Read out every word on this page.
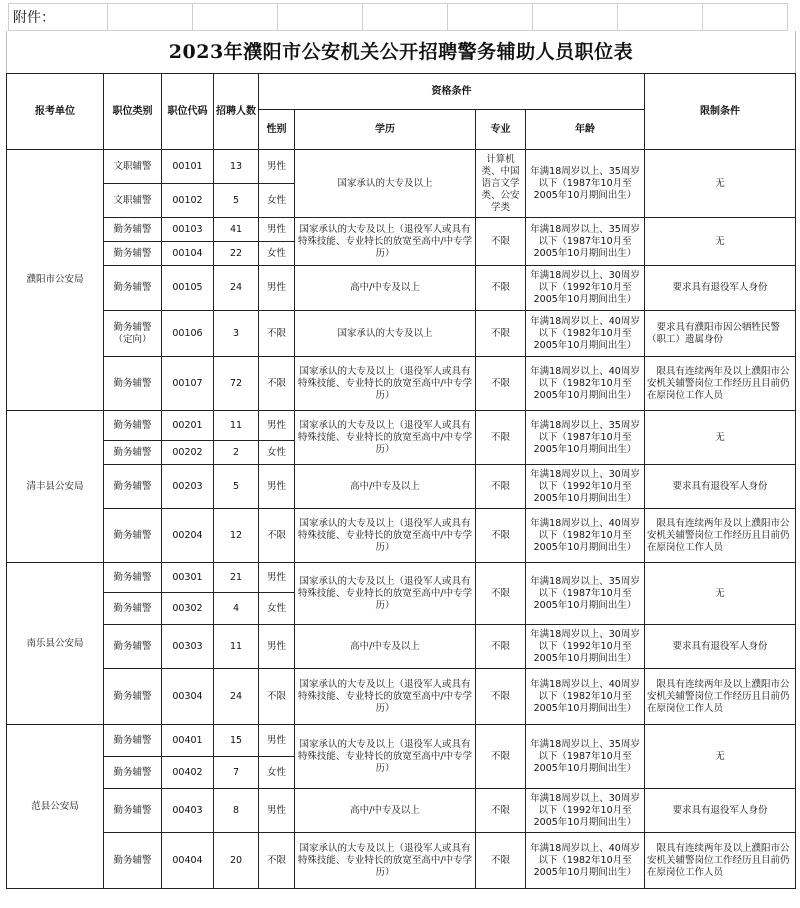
附件：								
2023年濮阳市公安机关公开招聘警务辅助人员职位表
报考单位	职位类别	职位代码	招聘人数	资格条件				限制条件
				性别	学历	专业	年龄	
濮阳市公安局	文职辅警	00101	13	男性	国家承认的大专及以上	计算机类、中国语言文学类、公安学类	年满18周岁以上、35周岁以下（1987年10月至2005年10月期间出生）	无
	文职辅警	00102	5	女性				
	勤务辅警	00103	41	男性	国家承认的大专及以上（退役军人或具有特殊技能、专业特长的放宽至高中/中专学历）	不限	年满18周岁以上、35周岁以下（1987年10月至2005年10月期间出生）	无
	勤务辅警	00104	22	女性				
	勤务辅警	00105	24	男性	高中/中专及以上	不限	年满18周岁以上、30周岁以下（1992年10月至2005年10月期间出生）	要求具有退役军人身份
	勤务辅警（定向）	00106	3	不限	国家承认的大专及以上	不限	年满18周岁以上、40周岁以下（1982年10月至2005年10月期间出生）	要求具有濮阳市因公牺牲民警（职工）遗属身份
	勤务辅警	00107	72	不限	国家承认的大专及以上（退役军人或具有特殊技能、专业特长的放宽至高中/中专学历）	不限	年满18周岁以上、40周岁以下（1982年10月至2005年10月期间出生）	限具有连续两年及以上濮阳市公安机关辅警岗位工作经历且目前仍在原岗位工作人员
清丰县公安局	勤务辅警	00201	11	男性	国家承认的大专及以上（退役军人或具有特殊技能、专业特长的放宽至高中/中专学历）	不限	年满18周岁以上、35周岁以下（1987年10月至2005年10月期间出生）	无
	勤务辅警	00202	2	女性				
	勤务辅警	00203	5	男性	高中/中专及以上	不限	年满18周岁以上、30周岁以下（1992年10月至2005年10月期间出生）	要求具有退役军人身份
	勤务辅警	00204	12	不限	国家承认的大专及以上（退役军人或具有特殊技能、专业特长的放宽至高中/中专学历）	不限	年满18周岁以上、40周岁以下（1982年10月至2005年10月期间出生）	限具有连续两年及以上濮阳市公安机关辅警岗位工作经历且目前仍在原岗位工作人员
南乐县公安局	勤务辅警	00301	21	男性	国家承认的大专及以上（退役军人或具有特殊技能、专业特长的放宽至高中/中专学历）	不限	年满18周岁以上、35周岁以下（1987年10月至2005年10月期间出生）	无
	勤务辅警	00302	4	女性				
	勤务辅警	00303	11	男性	高中/中专及以上	不限	年满18周岁以上、30周岁以下（1992年10月至2005年10月期间出生）	要求具有退役军人身份
	勤务辅警	00304	24	不限	国家承认的大专及以上（退役军人或具有特殊技能、专业特长的放宽至高中/中专学历）	不限	年满18周岁以上、40周岁以下（1982年10月至2005年10月期间出生）	限具有连续两年及以上濮阳市公安机关辅警岗位工作经历且目前仍在原岗位工作人员
范县公安局	勤务辅警	00401	15	男性	国家承认的大专及以上（退役军人或具有特殊技能、专业特长的放宽至高中/中专学历）	不限	年满18周岁以上、35周岁以下（1987年10月至2005年10月期间出生）	无
	勤务辅警	00402	7	女性				
	勤务辅警	00403	8	男性	高中/中专及以上	不限	年满18周岁以上、30周岁以下（1992年10月至2005年10月期间出生）	要求具有退役军人身份
	勤务辅警	00404	20	不限	国家承认的大专及以上（退役军人或具有特殊技能、专业特长的放宽至高中/中专学历）	不限	年满18周岁以上、40周岁以下（1982年10月至2005年10月期间出生）	限具有连续两年及以上濮阳市公安机关辅警岗位工作经历且目前仍在原岗位工作人员
